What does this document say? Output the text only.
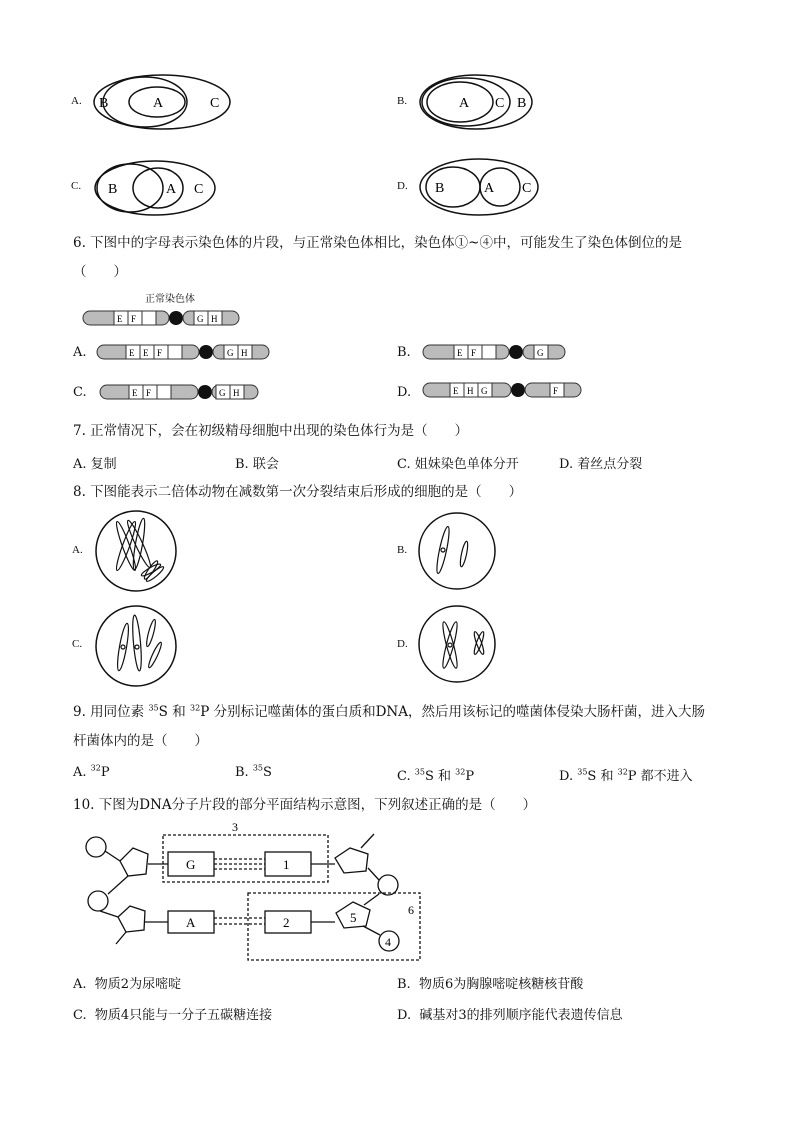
A. B	A	C	B.	A C B
C. B	A C	D. B	A C
6. 下图中的字母表示染色体的片段，与正常染色体相比，染色体①~④中，可能发生了染色体倒位的是
（　　）
正常染色体
E F	G H
A.	E E F	G H	B.	E F	G
C.	E F	G H	D.	E H G	F
7. 正常情况下，会在初级精母细胞中出现的染色体行为是（　　）
A. 复制	B. 联会	C. 姐妹染色单体分开	D. 着丝点分裂
8. 下图能表示二倍体动物在减数第一次分裂结束后形成的细胞的是（　　）
A.	B.
C.	D.
9. 用同位素 $^{35}$S 和 $^{32}$P 分别标记噬菌体的蛋白质和DNA，然后用该标记的噬菌体侵染大肠杆菌，进入大肠
杆菌体内的是（　　）
A. $^{32}$P	B. $^{35}$S	C. $^{35}$S 和 $^{32}$P	D. $^{35}$S 和 $^{32}$P 都不进入
10. 下图为DNA分子片段的部分平面结构示意图，下列叙述正确的是（　　）
G	1
3
A	2	5
4
6
A. 物质2为尿嘧啶	B. 物质6为胸腺嘧啶核糖核苷酸
C. 物质4只能与一分子五碳糖连接	D. 碱基对3的排列顺序能代表遗传信息
